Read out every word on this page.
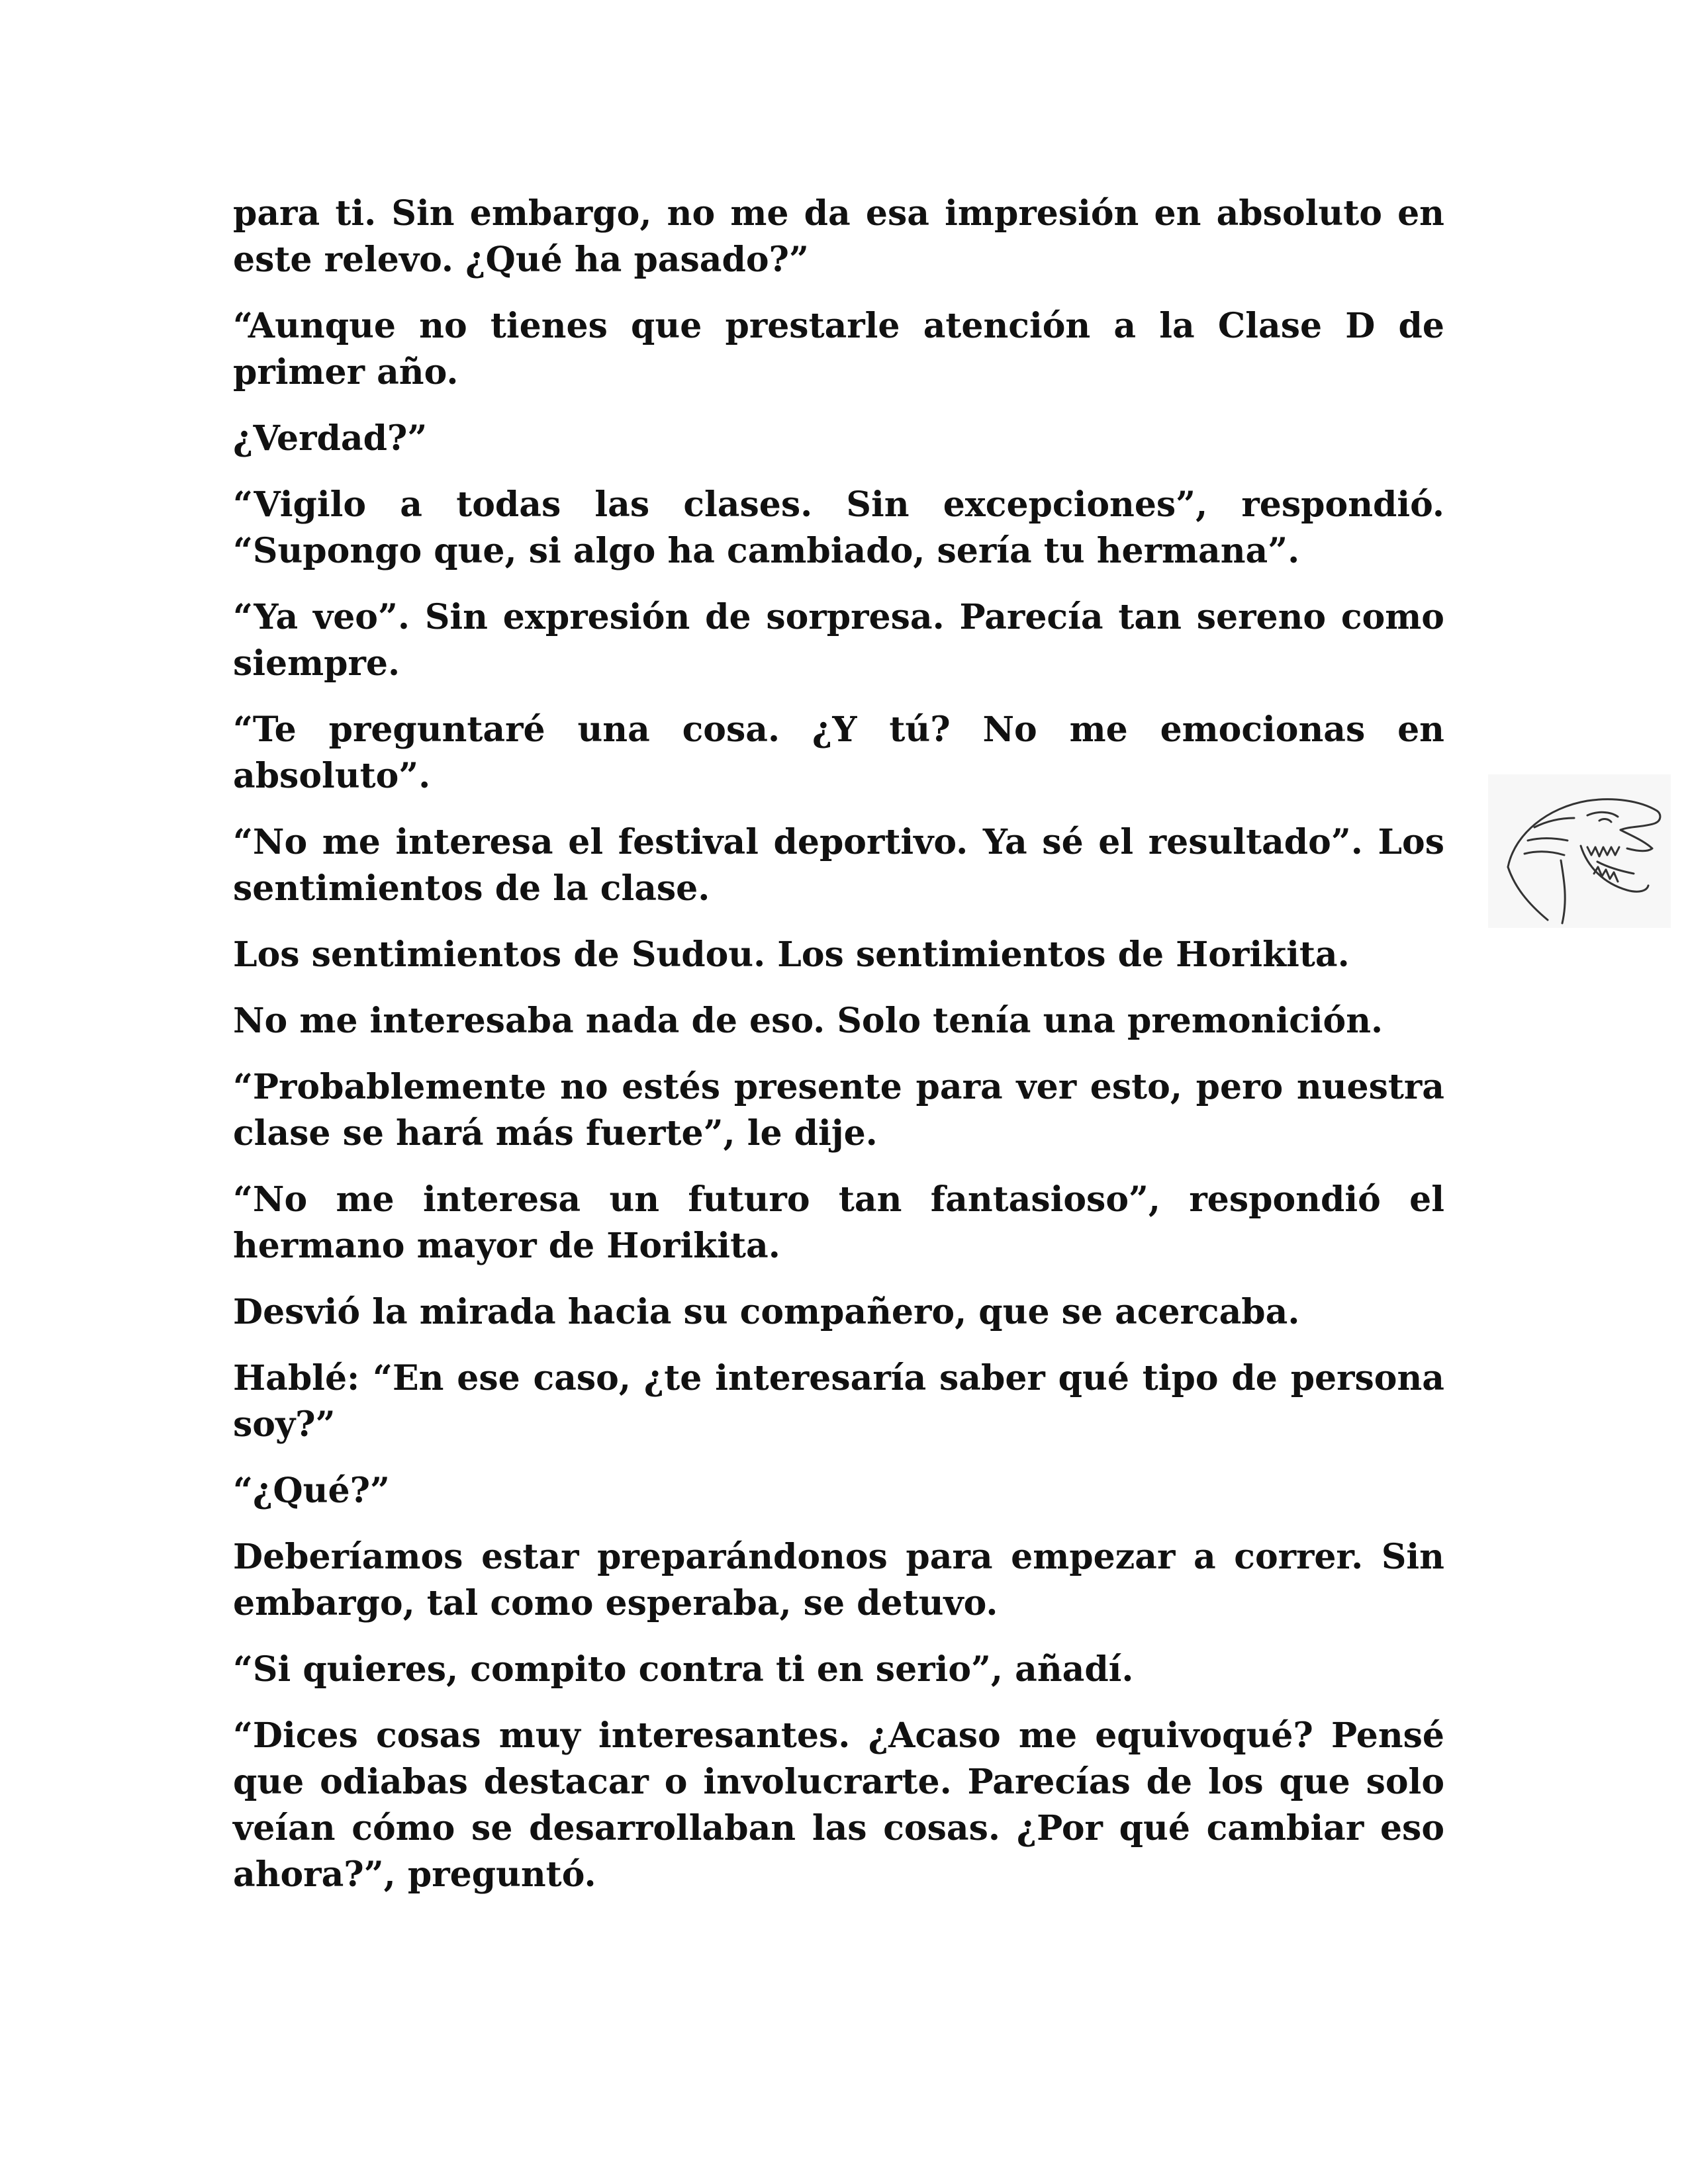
para ti. Sin embargo, no me da esa impresión en absoluto en este relevo. ¿Qué ha pasado?”

“Aunque no tienes que prestarle atención a la Clase D de primer año.

¿Verdad?”

“Vigilo a todas las clases. Sin excepciones”, respondió. “Supongo que, si algo ha cambiado, sería tu hermana”.

“Ya veo”. Sin expresión de sorpresa. Parecía tan sereno como siempre.

“Te preguntaré una cosa. ¿Y tú? No me emocionas en absoluto”.

“No me interesa el festival deportivo. Ya sé el resultado”. Los sentimientos de la clase.

Los sentimientos de Sudou. Los sentimientos de Horikita.

No me interesaba nada de eso. Solo tenía una premonición.

“Probablemente no estés presente para ver esto, pero nuestra clase se hará más fuerte”, le dije.

“No me interesa un futuro tan fantasioso”, respondió el hermano mayor de Horikita.

Desvió la mirada hacia su compañero, que se acercaba.

Hablé: “En ese caso, ¿te interesaría saber qué tipo de persona soy?”

“¿Qué?”

Deberíamos estar preparándonos para empezar a correr. Sin embargo, tal como esperaba, se detuvo.

“Si quieres, compito contra ti en serio”, añadí.

“Dices cosas muy interesantes. ¿Acaso me equivoqué? Pensé que odiabas destacar o involucrarte. Parecías de los que solo veían cómo se desarrollaban las cosas. ¿Por qué cambiar eso ahora?”, preguntó.
